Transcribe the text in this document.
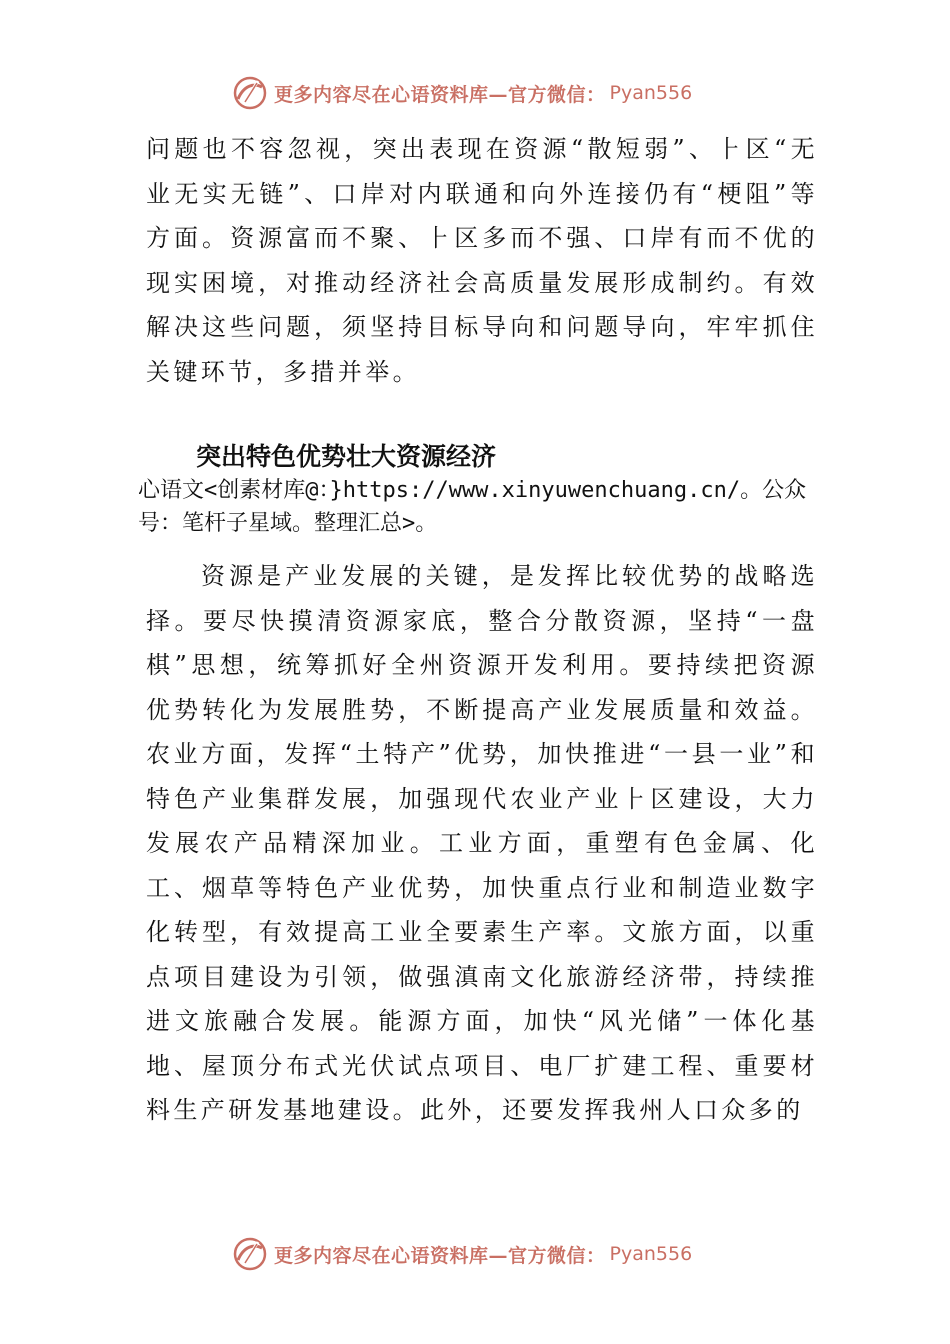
更多内容尽在心语资料库—官方微信： Pyan556

问题也不容忽视，突出表现在资源“散短弱”、​⺊区“无业无实无链”、口岸对内联通和向外连接仍有“梗阻”等方面。资源富而不聚、⺊区多而不强、口岸有而不优的现实困境，对推动经济社会高质量发展形成制约。有效解决这些问题，须坚持目标导向和问题导向，牢牢抓住关键环节，多措并举。

突出特色优势壮大资源经济

心语文<创素材库@：}https://www.xinyuwenchuang.cn/。公众号：笔杆子星域。整理汇总>。

资源是产业发展的关键，是发挥比较优势的战略选择。要尽快摸清资源家底，整合分散资源，坚持“一盘棋”思想，统筹抓好全州资源开发利用。要持续把资源优势转化为发展胜势，不断提高产业发展质量和效益。农业方面，发挥“土特产”优势，加快推进“一县一业”和特色产业集群发展，加强现代农业产业⺊区建设，大力发展农产品精深加业。工业方面，重塑有色金属、化工、烟草等特色产业优势，加快重点行业和制造业数字化转型，有效提高工业全要素生产率。文旅方面，以重点项目建设为引领，做强滇南文化旅游经济带，持续推进文旅融合发展。能源方面，加快“风光储”一体化基地、屋顶分布式光伏试点项目、电厂扩建工程、重要材料生产研发基地建设。此外，还要发挥我州人口众多的

更多内容尽在心语资料库—官方微信： Pyan556
